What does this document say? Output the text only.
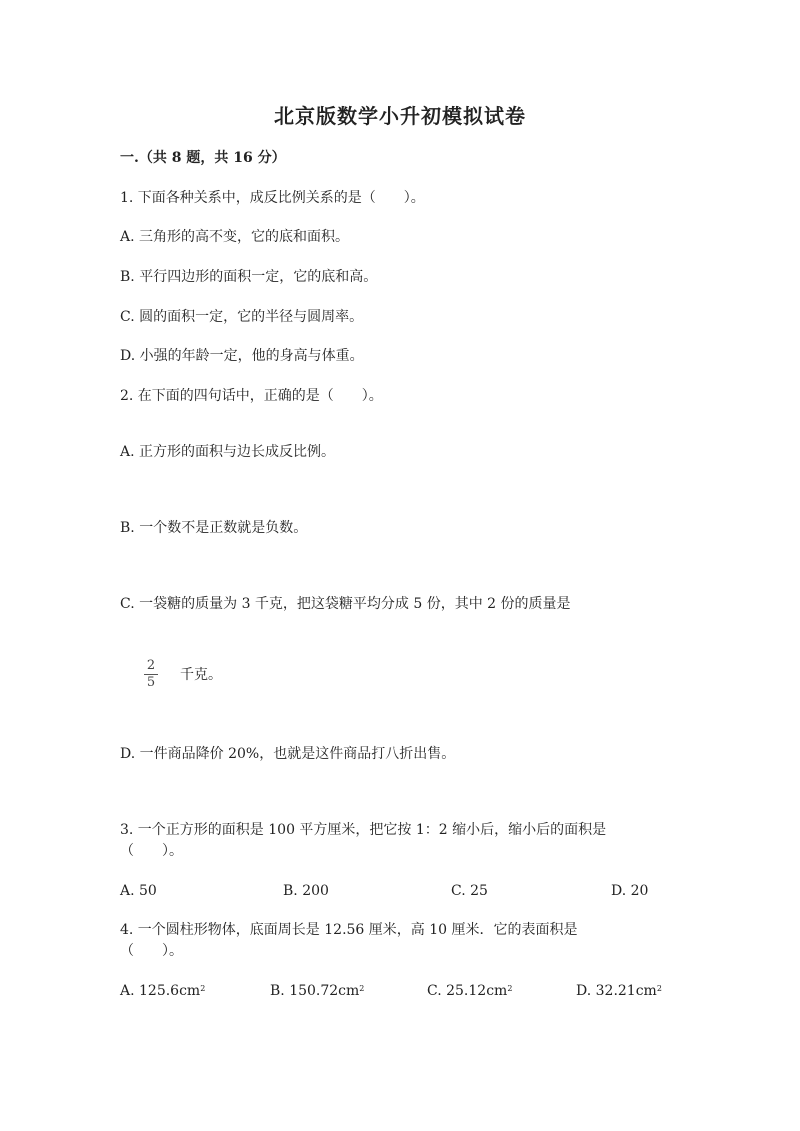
北京版数学小升初模拟试卷
一.（共 8 题，共 16 分）
1. 下面各种关系中，成反比例关系的是（　　）。
A. 三角形的高不变，它的底和面积。
B. 平行四边形的面积一定，它的底和高。
C. 圆的面积一定，它的半径与圆周率。
D. 小强的年龄一定，他的身高与体重。
2. 在下面的四句话中，正确的是（　　）。
A. 正方形的面积与边长成反比例。
B. 一个数不是正数就是负数。
C. 一袋糖的质量为 3 千克，把这袋糖平均分成 5 份，其中 2 份的质量是
2
5 千克。
D. 一件商品降价 20%，也就是这件商品打八折出售。
3. 一个正方形的面积是 100 平方厘米，把它按 1：2 缩小后，缩小后的面积是
（　　）。
A. 50	B. 200	C. 25	D. 20
4. 一个圆柱形物体，底面周长是 12.56 厘米，高 10 厘米．它的表面积是
（　　）。
A. $125.6cm^2$	B. $150.72cm^2$	C. $25.12cm^2$	D. $32.21cm^2$
